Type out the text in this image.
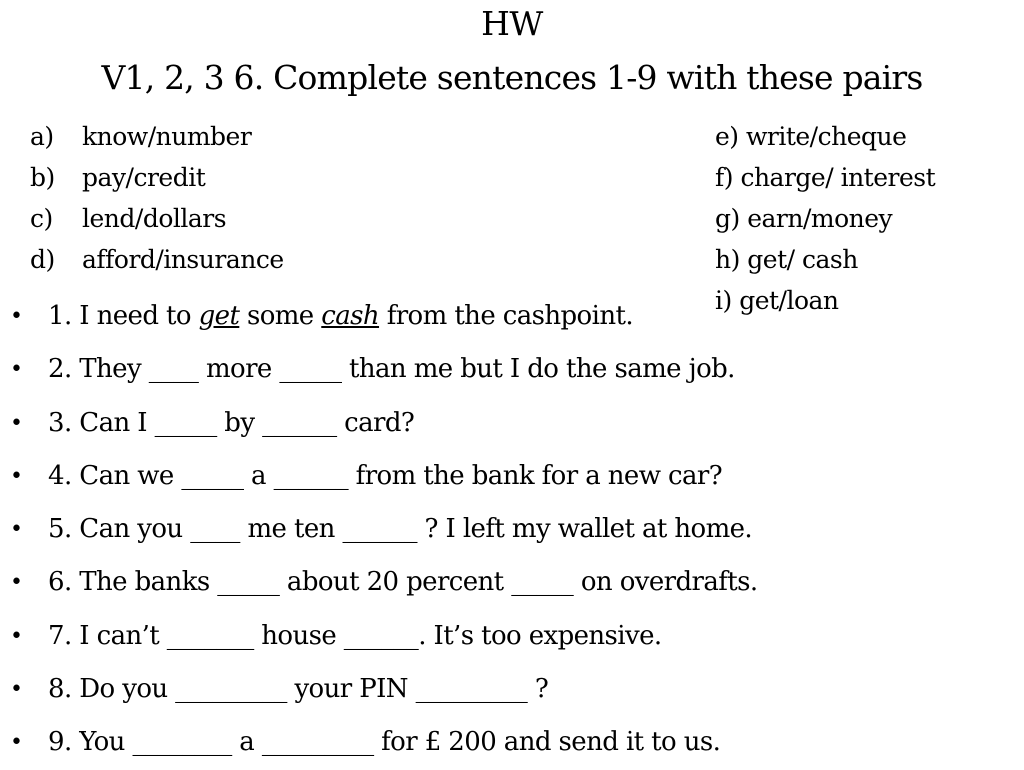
HW
V1, 2, 3 6. Complete sentences 1-9 with these pairs
a) know/number
b) pay/credit
c) lend/dollars
d) afford/insurance
e) write/cheque
f) charge/ interest
g) earn/money
h) get/ cash
i) get/loan
• 1. I need to get some cash from the cashpoint.
• 2. They ____ more _____ than me but I do the same job.
• 3. Can I _____ by ______ card?
• 4. Can we _____ a ______ from the bank for a new car?
• 5. Can you ____ me ten ______ ? I left my wallet at home.
• 6. The banks _____ about 20 percent _____ on overdrafts.
• 7. I can’t _______ house ______. It’s too expensive.
• 8. Do you _________ your PIN _________ ?
• 9. You ________ a _________ for £ 200 and send it to us.
